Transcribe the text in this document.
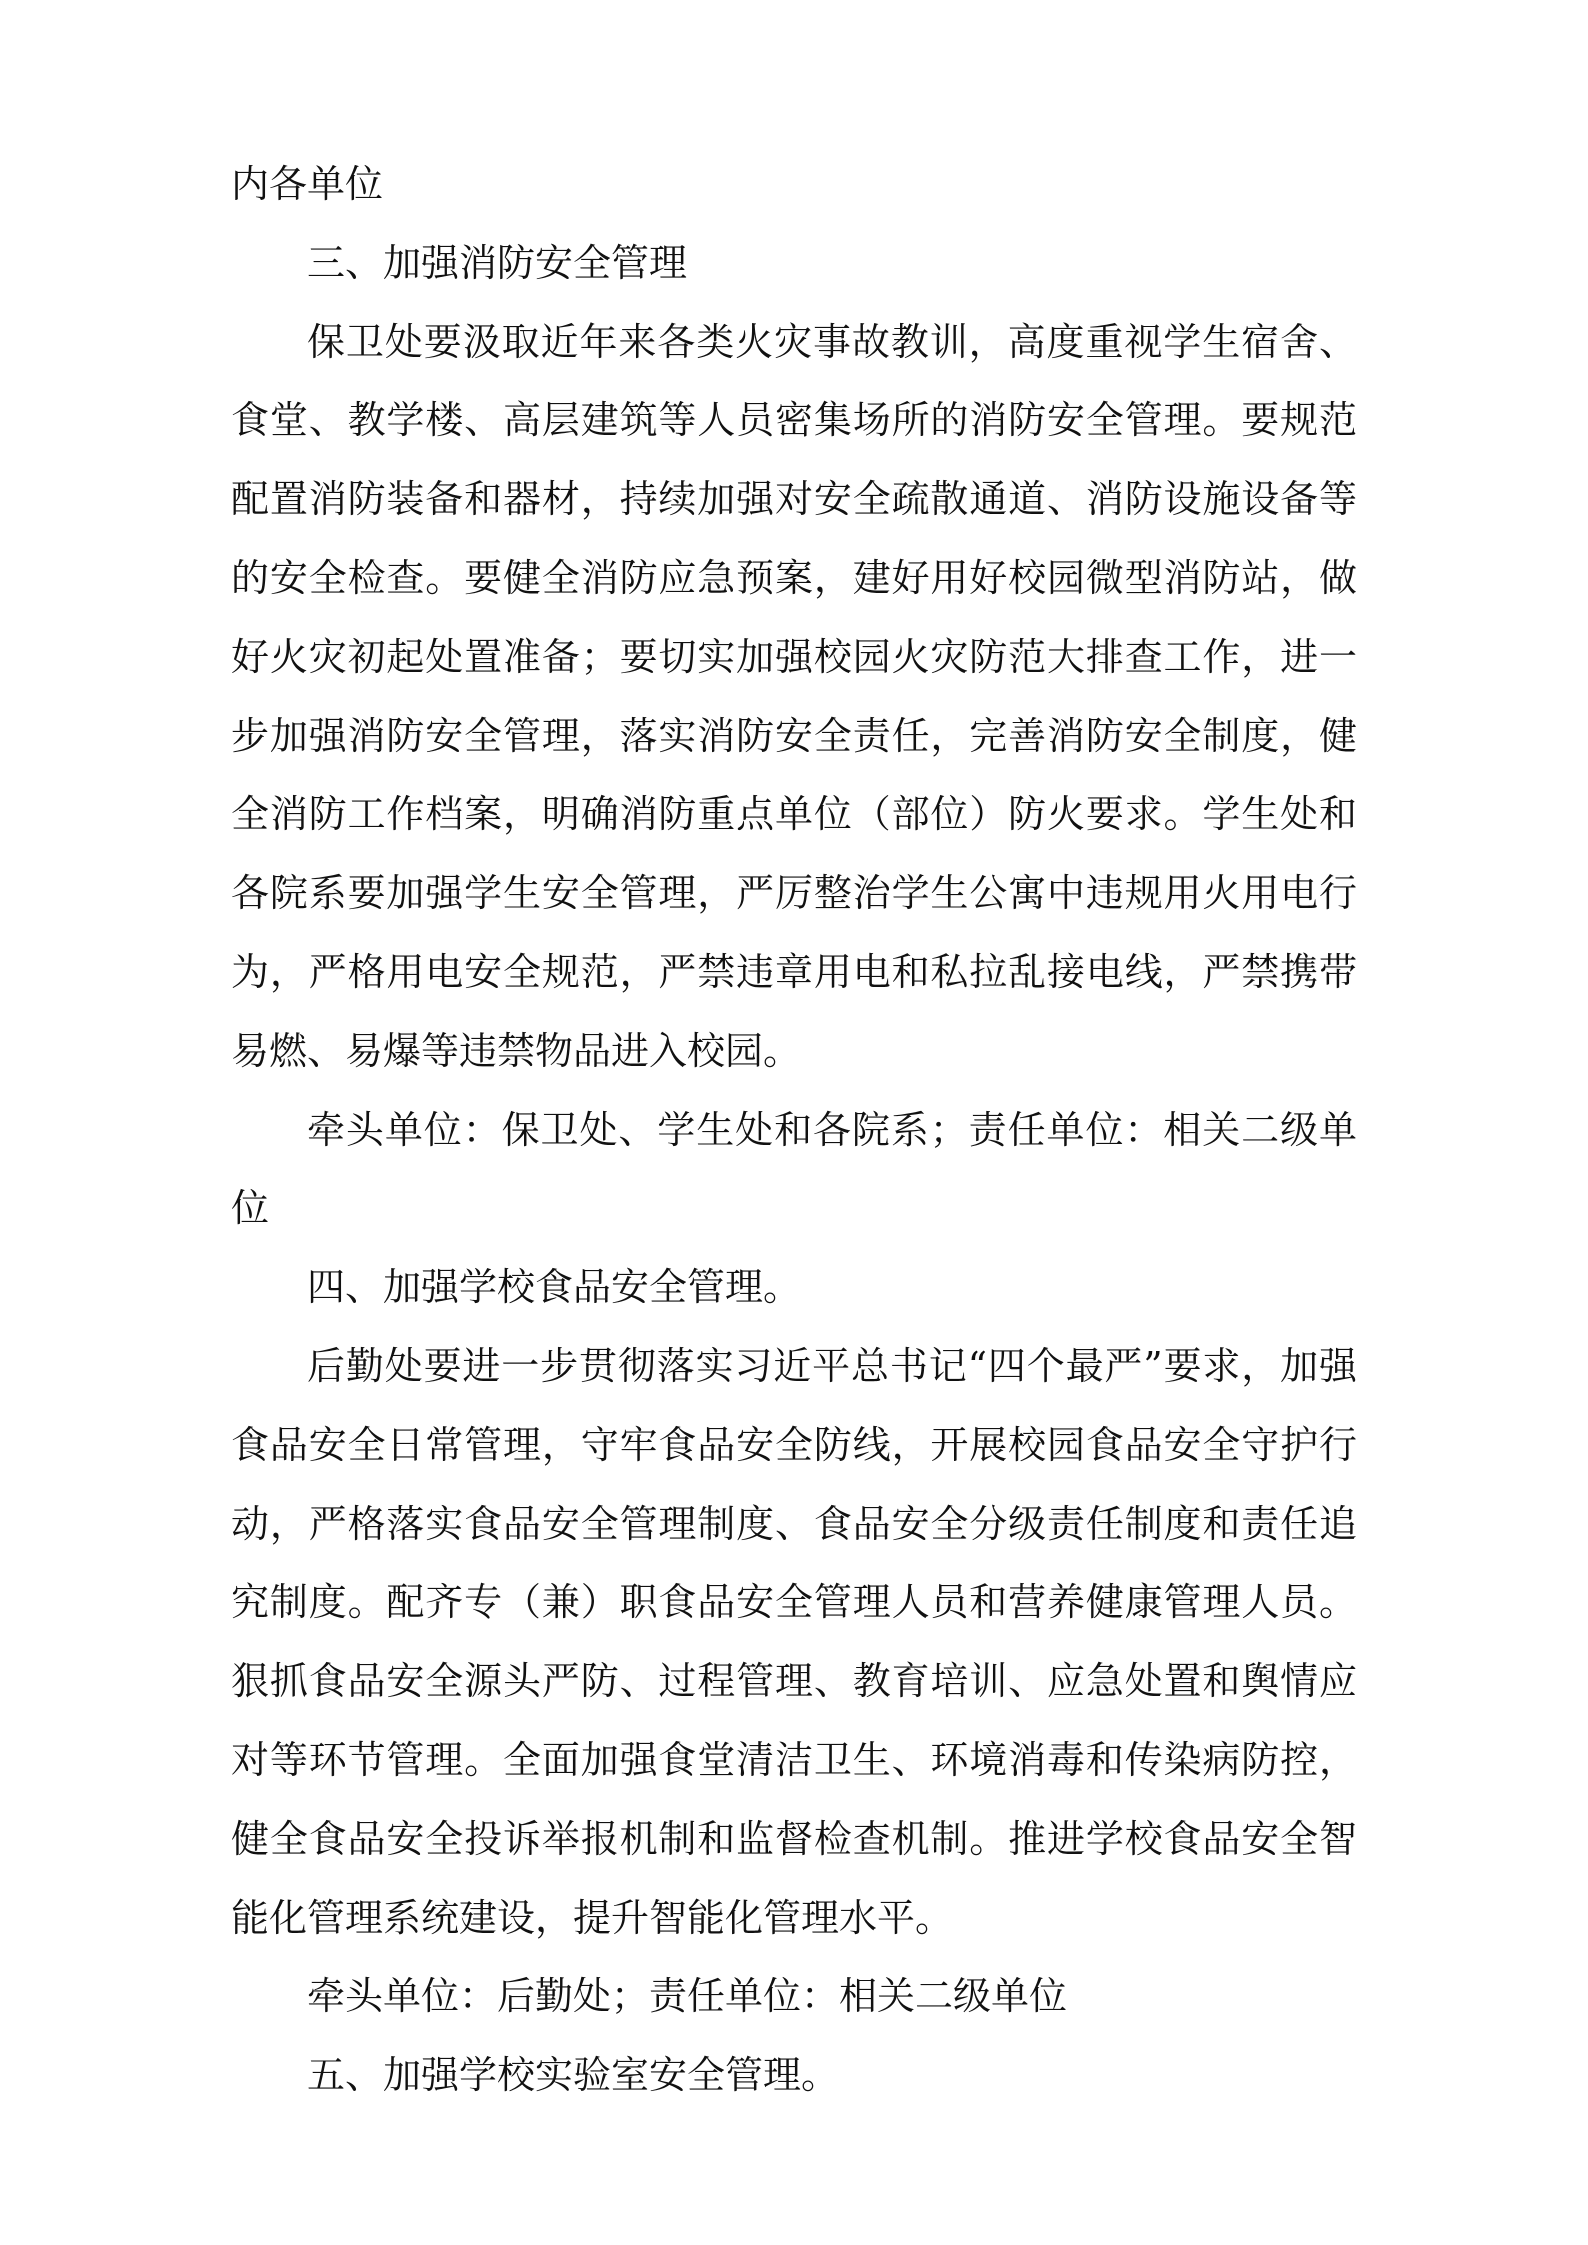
内各单位

三、加强消防安全管理

保卫处要汲取近年来各类火灾事故教训，高度重视学生宿舍、食堂、教学楼、高层建筑等人员密集场所的消防安全管理。要规范配置消防装备和器材，持续加强对安全疏散通道、消防设施设备等的安全检查。要健全消防应急预案，建好用好校园微型消防站，做好火灾初起处置准备；要切实加强校园火灾防范大排查工作，进一步加强消防安全管理，落实消防安全责任，完善消防安全制度，健全消防工作档案，明确消防重点单位（部位）防火要求。学生处和各院系要加强学生安全管理，严厉整治学生公寓中违规用火用电行为，严格用电安全规范，严禁违章用电和私拉乱接电线，严禁携带易燃、易爆等违禁物品进入校园。

牵头单位：保卫处、学生处和各院系；责任单位：相关二级单位

四、加强学校食品安全管理。

后勤处要进一步贯彻落实习近平总书记“四个最严”要求，加强食品安全日常管理，守牢食品安全防线，开展校园食品安全守护行动，严格落实食品安全管理制度、食品安全分级责任制度和责任追究制度。配齐专（兼）职食品安全管理人员和营养健康管理人员。狠抓食品安全源头严防、过程管理、教育培训、应急处置和舆情应对等环节管理。全面加强食堂清洁卫生、环境消毒和传染病防控，健全食品安全投诉举报机制和监督检查机制。推进学校食品安全智能化管理系统建设，提升智能化管理水平。

牵头单位：后勤处；责任单位：相关二级单位

五、加强学校实验室安全管理。
